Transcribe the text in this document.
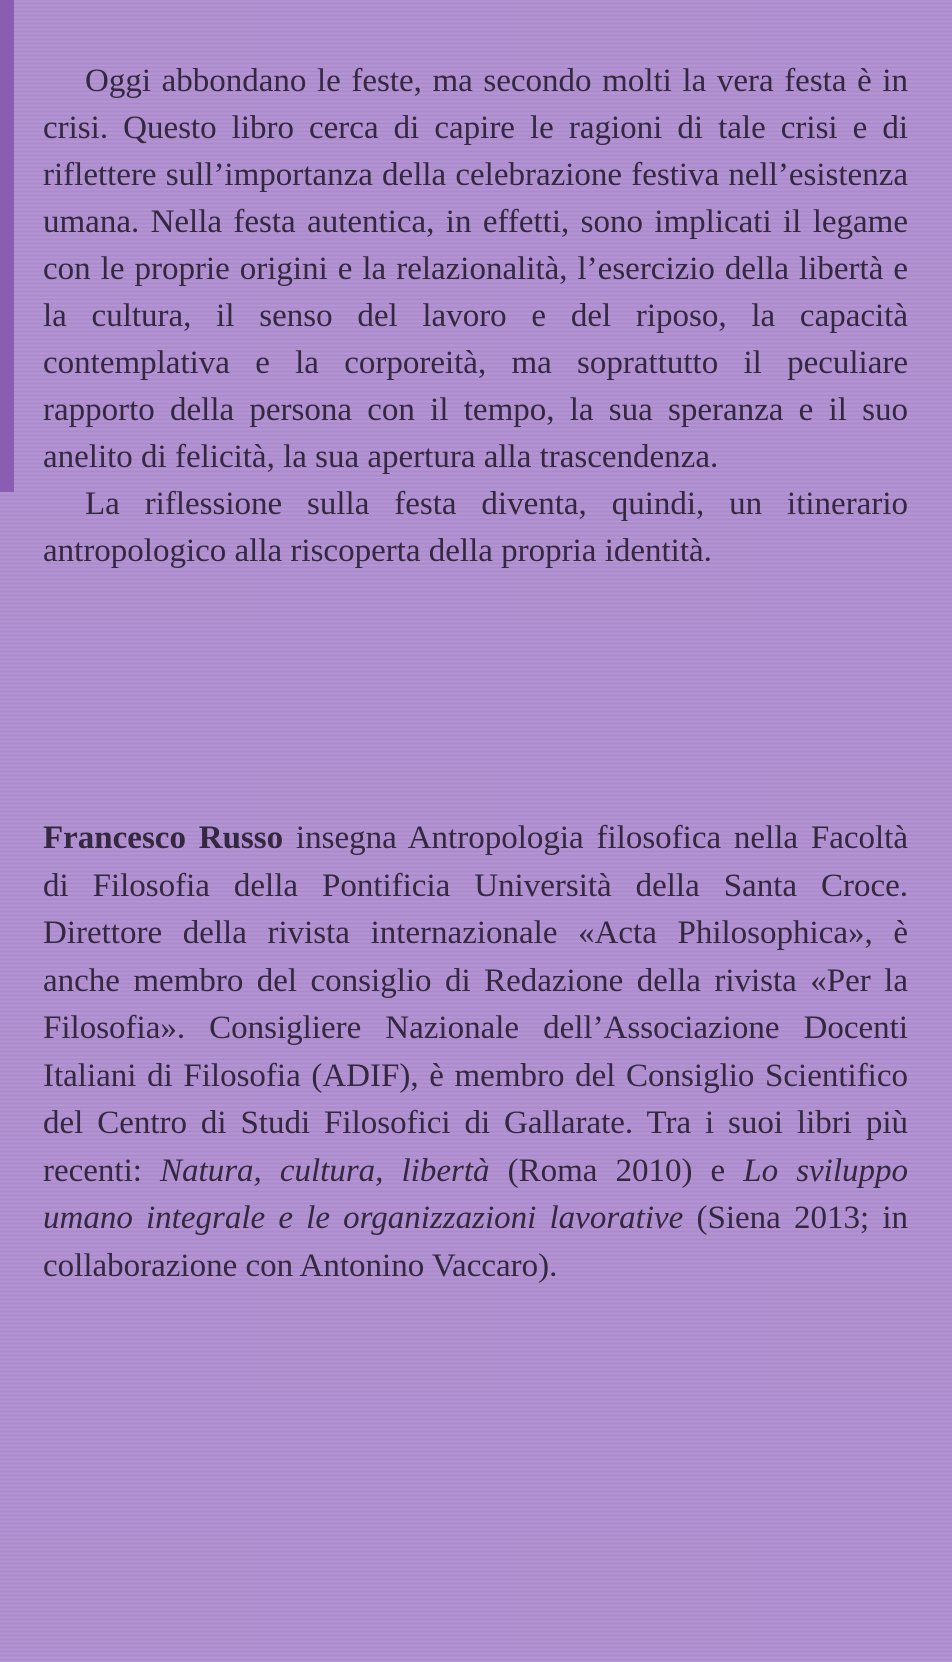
Oggi abbondano le feste, ma secondo molti la vera festa è in crisi. Questo libro cerca di capire le ragioni di tale crisi e di riflettere sull’importanza della celebrazione festiva nell’esistenza umana. Nella festa autentica, in effetti, sono implicati il legame con le proprie origini e la relazionalità, l’esercizio della libertà e la cultura, il senso del lavoro e del riposo, la capacità contemplativa e la corporeità, ma soprattutto il peculiare rapporto della persona con il tempo, la sua speranza e il suo anelito di felicità, la sua apertura alla trascendenza.

La riflessione sulla festa diventa, quindi, un itinerario antropologico alla riscoperta della propria identità.

Francesco Russo insegna Antropologia filosofica nella Facoltà di Filosofia della Pontificia Università della Santa Croce. Direttore della rivista internazionale «Acta Philosophica», è anche membro del consiglio di Redazione della rivista «Per la Filosofia». Consigliere Nazionale dell’Associazione Docenti Italiani di Filosofia (ADIF), è membro del Consiglio Scientifico del Centro di Studi Filosofici di Gallarate. Tra i suoi libri più recenti: Natura, cultura, libertà (Roma 2010) e Lo sviluppo umano integrale e le organizzazioni lavorative (Siena 2013; in collaborazione con Antonino Vaccaro).
